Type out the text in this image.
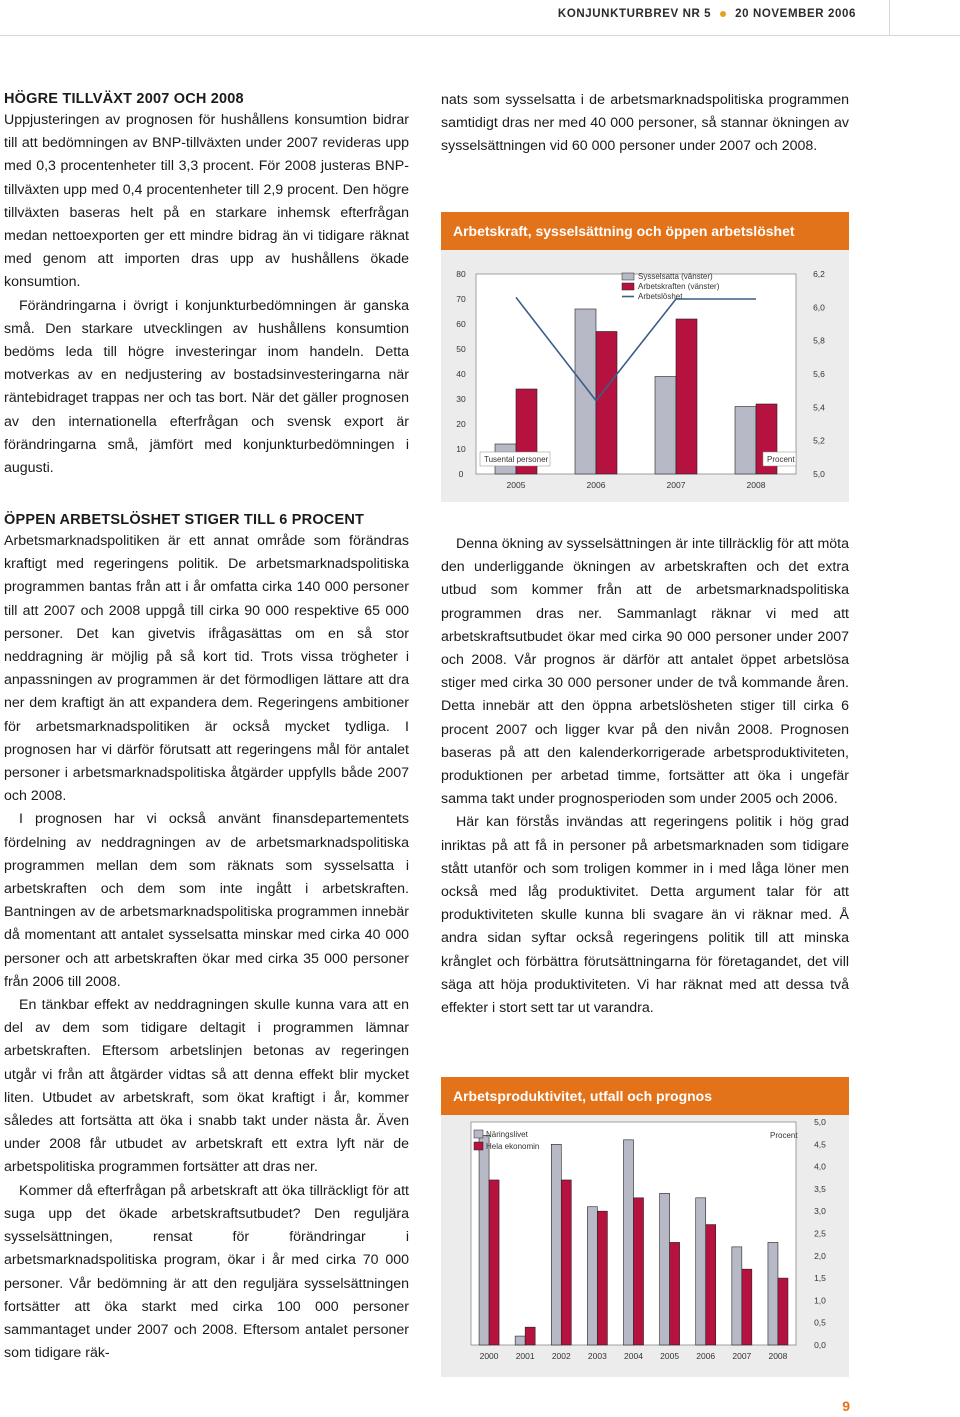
KONJUNKTURBREV NR 5 20 NOVEMBER 2006
HÖGRE TILLVÄXT 2007 OCH 2008

Uppjusteringen av prognosen för hushållens konsumtion bidrar till att bedömningen av BNP-tillväxten under 2007 revideras upp med 0,3 procentenheter till 3,3 procent. För 2008 justeras BNP-tillväxten upp med 0,4 procentenheter till 2,9 procent. Den högre tillväxten baseras helt på en starkare inhemsk efterfrågan medan nettoexporten ger ett mindre bidrag än vi tidigare räknat med genom att importen dras upp av hushållens ökade konsumtion.

Förändringarna i övrigt i konjunkturbedömningen är ganska små. Den starkare utvecklingen av hushållens konsumtion bedöms leda till högre investeringar inom handeln. Detta motverkas av en nedjustering av bostadsinvesteringarna när räntebidraget trappas ner och tas bort. När det gäller prognosen av den internationella efterfrågan och svensk export är förändringarna små, jämfört med konjunkturbedömningen i augusti.

ÖPPEN ARBETSLÖSHET STIGER TILL 6 PROCENT

Arbetsmarknadspolitiken är ett annat område som förändras kraftigt med regeringens politik. De arbetsmarknadspolitiska programmen bantas från att i år omfatta cirka 140 000 personer till att 2007 och 2008 uppgå till cirka 90 000 respektive 65 000 personer. Det kan givetvis ifrågasättas om en så stor neddragning är möjlig på så kort tid. Trots vissa trögheter i anpassningen av programmen är det förmodligen lättare att dra ner dem kraftigt än att expandera dem. Regeringens ambitioner för arbetsmarknadspolitiken är också mycket tydliga. I prognosen har vi därför förutsatt att regeringens mål för antalet personer i arbetsmarknadspolitiska åtgärder uppfylls både 2007 och 2008.

I prognosen har vi också använt finansdepartementets fördelning av neddragningen av de arbetsmarknadspolitiska programmen mellan dem som räknats som sysselsatta i arbetskraften och dem som inte ingått i arbetskraften. Bantningen av de arbetsmarknadspolitiska programmen innebär då momentant att antalet sysselsatta minskar med cirka 40 000 personer och att arbetskraften ökar med cirka 35 000 personer från 2006 till 2008.

En tänkbar effekt av neddragningen skulle kunna vara att en del av dem som tidigare deltagit i programmen lämnar arbetskraften. Eftersom arbetslinjen betonas av regeringen utgår vi från att åtgärder vidtas så att denna effekt blir mycket liten. Utbudet av arbetskraft, som ökat kraftigt i år, kommer således att fortsätta att öka i snabb takt under nästa år. Även under 2008 får utbudet av arbetskraft ett extra lyft när de arbetspolitiska programmen fortsätter att dras ner.

Kommer då efterfrågan på arbetskraft att öka tillräckligt för att suga upp det ökade arbetskraftsutbudet? Den reguljära sysselsättningen, rensat för förändringar i arbetsmarknadspolitiska program, ökar i år med cirka 70 000 personer. Vår bedömning är att den reguljära sysselsättningen fortsätter att öka starkt med cirka 100 000 personer sammantaget under 2007 och 2008. Eftersom antalet personer som tidigare räk-

nats som sysselsatta i de arbetsmarknadspolitiska programmen samtidigt dras ner med 40 000 personer, så stannar ökningen av sysselsättningen vid 60 000 personer under 2007 och 2008.

Arbetskraft, sysselsättning och öppen arbetslöshet
0
10
20
30
40
50
60
70
80
5,0
5,2
5,4
5,6
5,8
6,0
6,2
2005	2006	2007	2008
Tusental personer	Procent
Sysselsatta (vänster)
Arbetskraften (vänster)
Arbetslöshet

Denna ökning av sysselsättningen är inte tillräcklig för att möta den underliggande ökningen av arbetskraften och det extra utbud som kommer från att de arbetsmarknadspolitiska programmen dras ner. Sammanlagt räknar vi med att arbetskraftsutbudet ökar med cirka 90 000 personer under 2007 och 2008. Vår prognos är därför att antalet öppet arbetslösa stiger med cirka 30 000 personer under de två kommande åren. Detta innebär att den öppna arbetslösheten stiger till cirka 6 procent 2007 och ligger kvar på den nivån 2008. Prognosen baseras på att den kalenderkorrigerade arbetsproduktiviteten, produktionen per arbetad timme, fortsätter att öka i ungefär samma takt under prognosperioden som under 2005 och 2006.

Här kan förstås invändas att regeringens politik i hög grad inriktas på att få in personer på arbetsmarknaden som tidigare stått utanför och som troligen kommer in i med låga löner men också med låg produktivitet. Detta argument talar för att produktiviteten skulle kunna bli svagare än vi räknar med. Å andra sidan syftar också regeringens politik till att minska krånglet och förbättra förutsättningarna för företagandet, det vill säga att höja produktiviteten. Vi har räknat med att dessa två effekter i stort sett tar ut varandra.

Arbetsproduktivitet, utfall och prognos
0,0
0,5
1,0
1,5
2,0
2,5
3,0
3,5
4,0
4,5
5,0
2000 2001 2002 2003 2004 2005 2006 2007 2008
Procent
Näringslivet
Hela ekonomin
9
